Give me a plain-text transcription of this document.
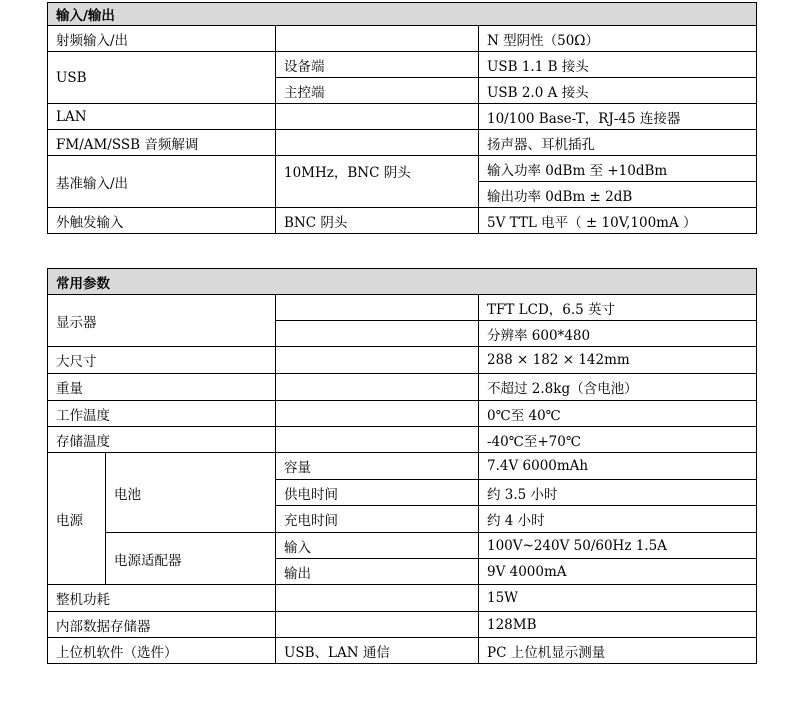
输入/输出		
射频输入/出		N 型阴性（50Ω）
USB	设备端	USB 1.1 B 接头
	主控端	USB 2.0 A 接头
LAN		10/100 Base-T，RJ-45 连接器
FM/AM/SSB 音频解调		扬声器、耳机插孔
基准输入/出	10MHz，BNC 阴头	输入功率 0dBm 至 +10dBm
		输出功率 0dBm ± 2dB
外触发输入	BNC 阴头	5V TTL 电平（ ± 10V,100mA ）
常用参数			
显示器			TFT LCD，6.5 英寸
			分辨率 600*480
大尺寸			288 × 182 × 142mm
重量			不超过 2.8kg（含电池）
工作温度			0℃至 40℃
存储温度			-40℃至+70℃
电源	电池	容量	7.4V 6000mAh
		供电时间	约 3.5 小时
		充电时间	约 4 小时
	电源适配器	输入	100V~240V 50/60Hz 1.5A
		输出	9V 4000mA
整机功耗			15W
内部数据存储器			128MB
上位机软件（选件）		USB、LAN 通信	PC 上位机显示测量
